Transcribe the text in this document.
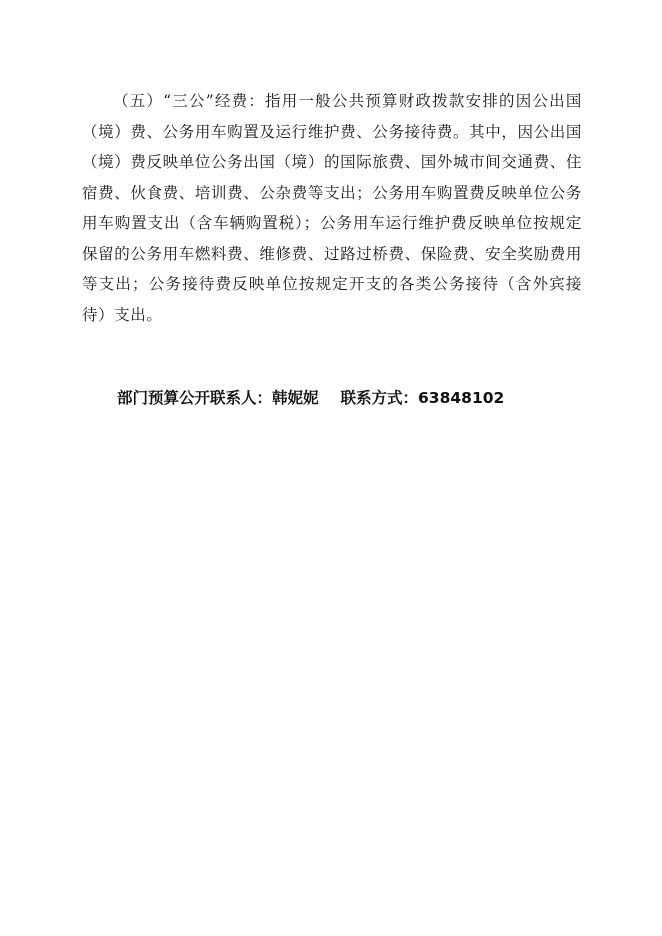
（五）“三公”经费：指用一般公共预算财政拨款安排的因公出国（境）费、公务用车购置及运行维护费、公务接待费。其中，因公出国（境）费反映单位公务出国（境）的国际旅费、国外城市间交通费、住宿费、伙食费、培训费、公杂费等支出；公务用车购置费反映单位公务用车购置支出（含车辆购置税）；公务用车运行维护费反映单位按规定保留的公务用车燃料费、维修费、过路过桥费、保险费、安全奖励费用等支出；公务接待费反映单位按规定开支的各类公务接待（含外宾接待）支出。

部门预算公开联系人：韩妮妮 联系方式：63848102
